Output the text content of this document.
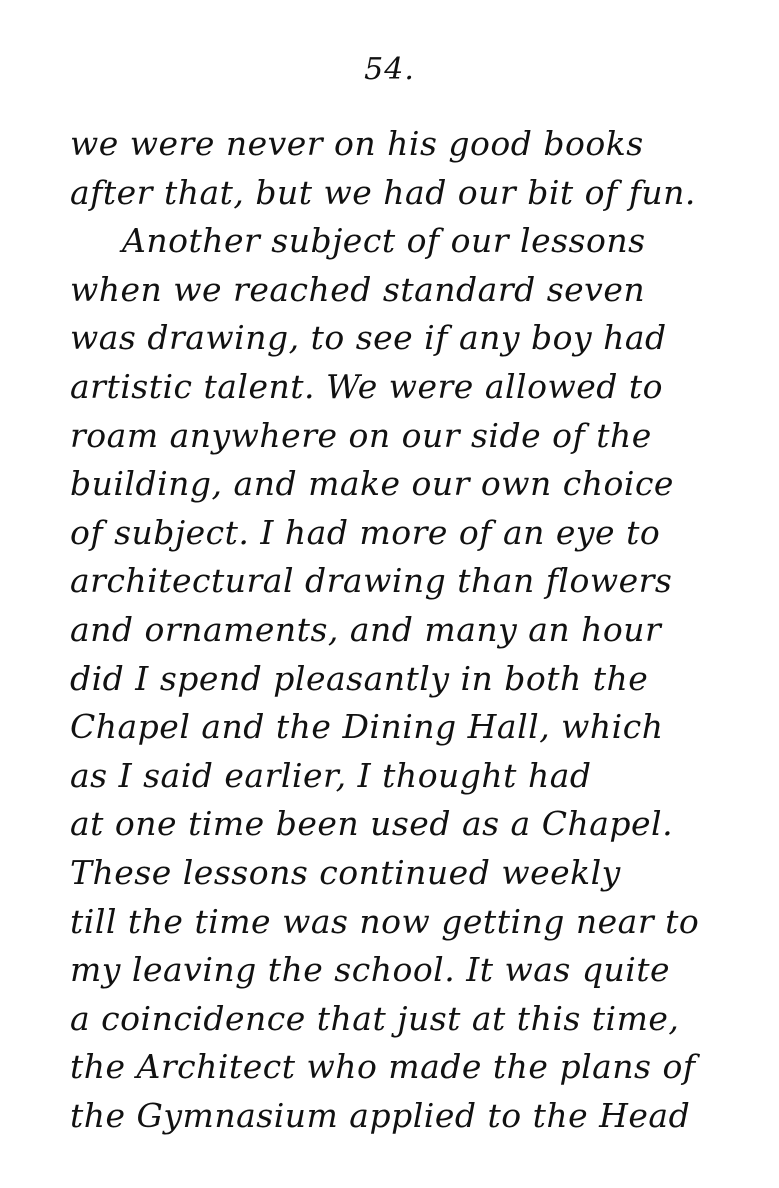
54.
we were never on his good books
after that, but we had our bit of fun.
Another subject of our lessons
when we reached standard seven
was drawing, to see if any boy had
artistic talent. We were allowed to
roam anywhere on our side of the
building, and make our own choice
of subject. I had more of an eye to
architectural drawing than flowers
and ornaments, and many an hour
did I spend pleasantly in both the
Chapel and the Dining Hall, which
as I said earlier, I thought had
at one time been used as a Chapel.
These lessons continued weekly
till the time was now getting near to
my leaving the school. It was quite
a coincidence that just at this time,
the Architect who made the plans of
the Gymnasium applied to the Head
